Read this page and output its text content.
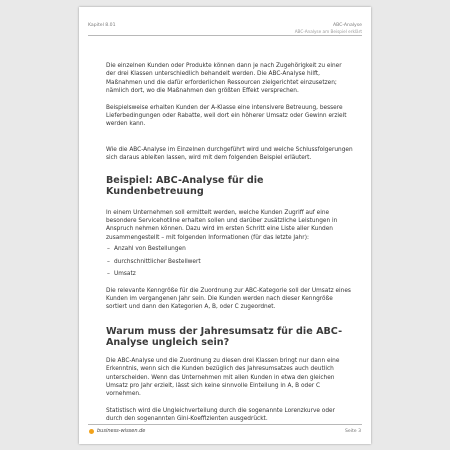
Kapitel 8.01	ABC-Analyse
ABC-Analyse am Beispiel erklärt

Die einzelnen Kunden oder Produkte können dann je nach Zugehörigkeit zu einer der drei Klassen unterschiedlich behandelt werden. Die ABC-Analyse hilft, Maßnahmen und die dafür erforderlichen Ressourcen zielgerichtet einzusetzen; nämlich dort, wo die Maßnahmen den größten Effekt versprechen.

Beispielsweise erhalten Kunden der A-Klasse eine intensivere Betreuung, bessere Lieferbedingungen oder Rabatte, weil dort ein höherer Umsatz oder Gewinn erzielt werden kann.

Wie die ABC-Analyse im Einzelnen durchgeführt wird und welche Schlussfolgerungen sich daraus ableiten lassen, wird mit dem folgenden Beispiel erläutert.

Beispiel: ABC-Analyse für die Kundenbetreuung

In einem Unternehmen soll ermittelt werden, welche Kunden Zugriff auf eine besondere Servicehotline erhalten sollen und darüber zusätzliche Leistungen in Anspruch nehmen können. Dazu wird im ersten Schritt eine Liste aller Kunden zusammengestellt – mit folgenden Informationen (für das letzte Jahr):

– Anzahl von Bestellungen
– durchschnittlicher Bestellwert
– Umsatz

Die relevante Kenngröße für die Zuordnung zur ABC-Kategorie soll der Umsatz eines Kunden im vergangenen Jahr sein. Die Kunden werden nach dieser Kenngröße sortiert und dann den Kategorien A, B, oder C zugeordnet.

Warum muss der Jahresumsatz für die ABC-Analyse ungleich sein?

Die ABC-Analyse und die Zuordnung zu diesen drei Klassen bringt nur dann eine Erkenntnis, wenn sich die Kunden bezüglich des Jahresumsatzes auch deutlich unterscheiden. Wenn das Unternehmen mit allen Kunden in etwa den gleichen Umsatz pro Jahr erzielt, lässt sich keine sinnvolle Einteilung in A, B oder C vornehmen.

Statistisch wird die Ungleichverteilung durch die sogenannte Lorenzkurve oder durch den sogenannten Gini-Koeffizienten ausgedrückt.

business-wissen.de	Seite 3
